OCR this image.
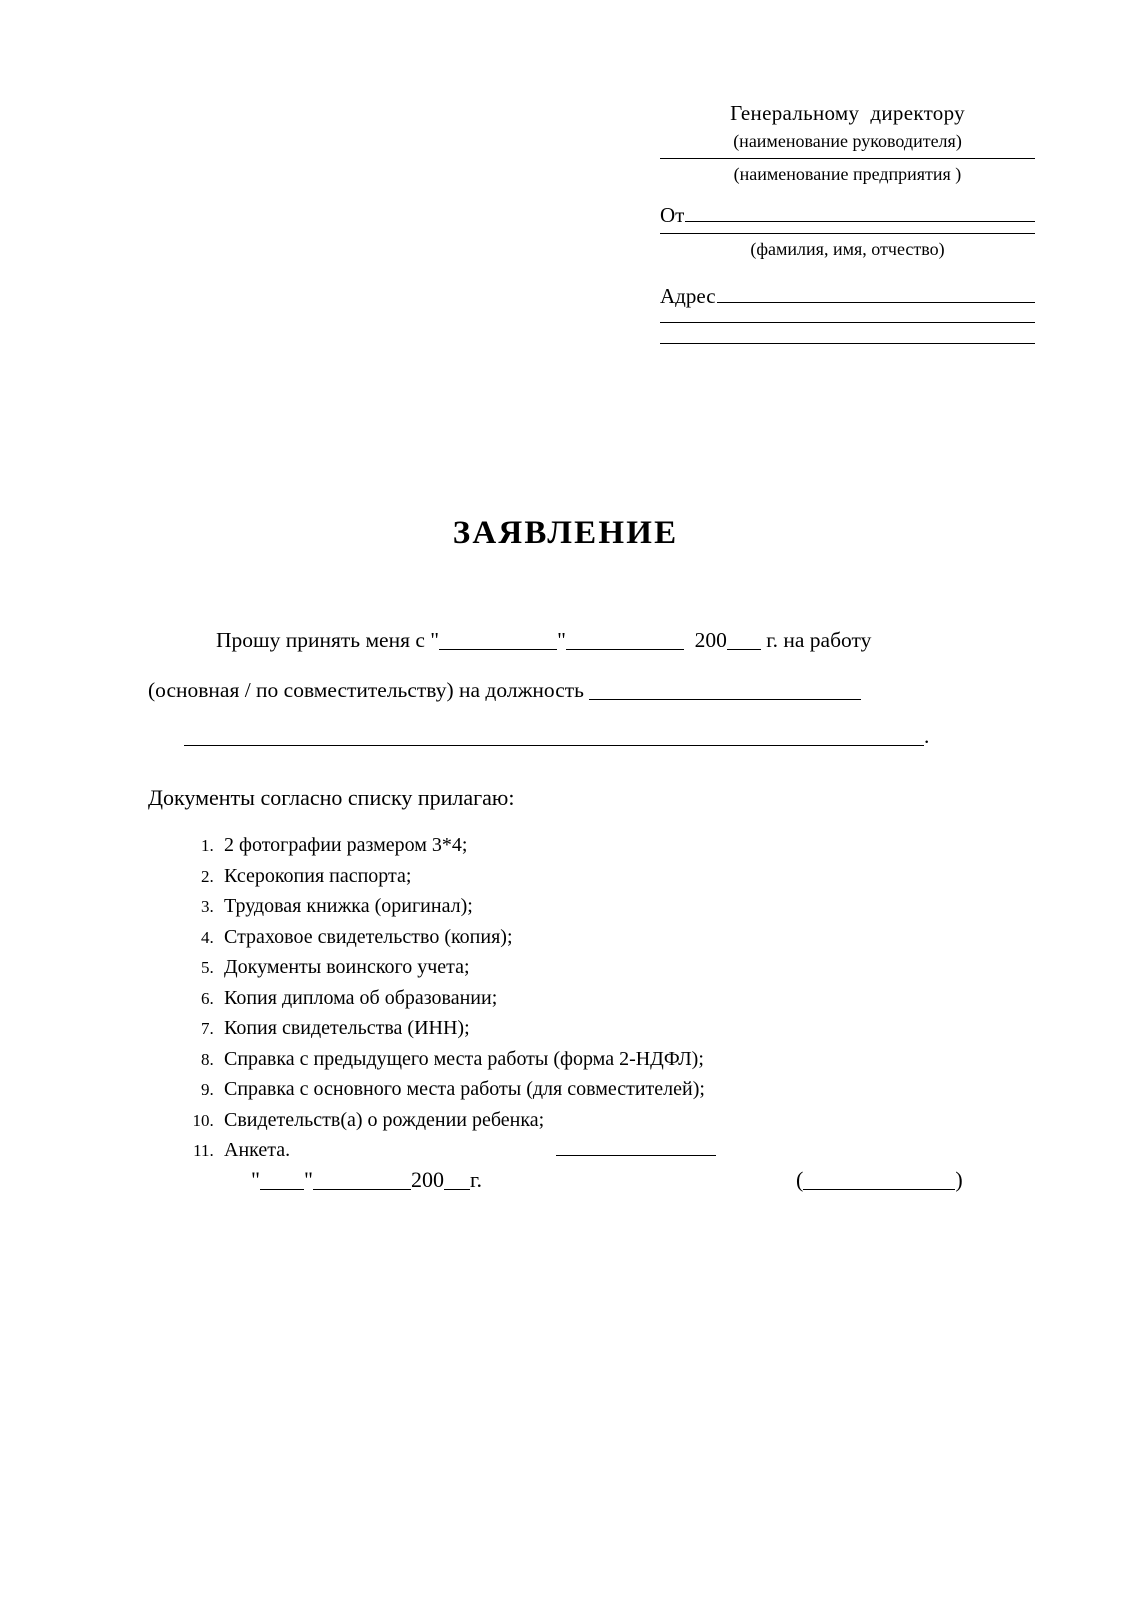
Генеральному  директору
(наименование руководителя)
(наименование предприятия )
От
(фамилия, имя, отчество)
Адрес
ЗАЯВЛЕНИЕ
Прошу принять меня с "	"	200 г. на работу
(основная / по совместительству) на должность
.
Документы согласно списку прилагаю:
1. 2 фотографии размером 3*4;
2. Ксерокопия паспорта;
3. Трудовая книжка (оригинал);
4. Страховое свидетельство (копия);
5. Документы воинского учета;
6. Копия диплома об образовании;
7. Копия свидетельства (ИНН);
8. Справка с предыдущего места работы (форма 2-НДФЛ);
9. Справка с основного места работы (для совместителей);
10. Свидетельств(а) о рождении ребенка;
11. Анкета.

" "	200 г.

	(	)
